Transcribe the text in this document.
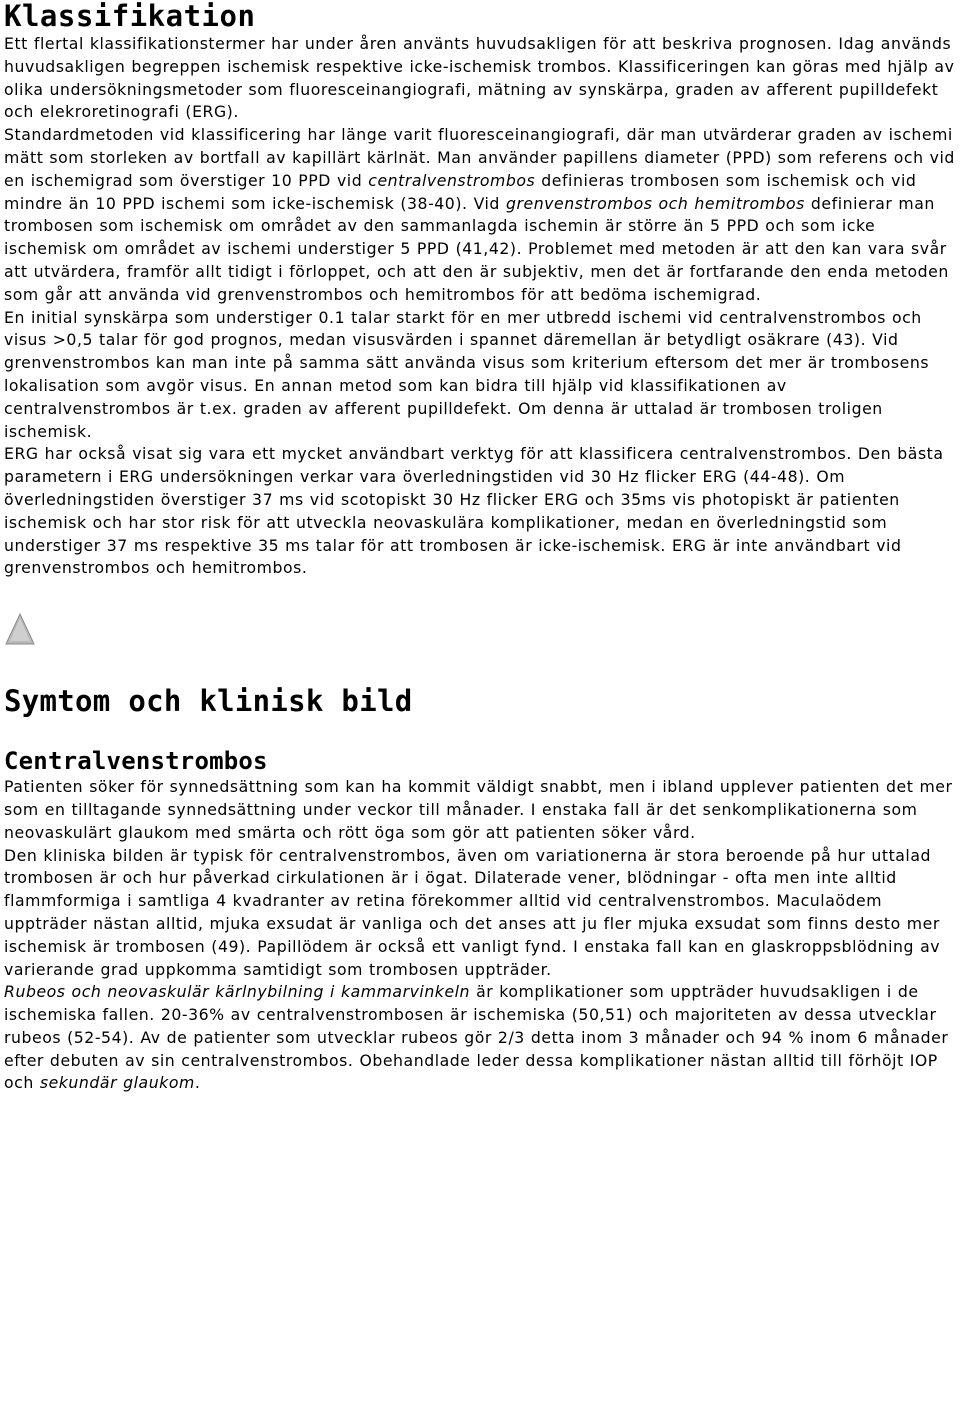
Klassifikation

Ett flertal klassifikationstermer har under åren använts huvudsakligen för att beskriva prognosen. Idag används huvudsakligen begreppen ischemisk respektive icke-ischemisk trombos. Klassificeringen kan göras med hjälp av olika undersökningsmetoder som fluoresceinangiografi, mätning av synskärpa, graden av afferent pupilldefekt och elekroretinografi (ERG).

Standardmetoden vid klassificering har länge varit fluoresceinangiografi, där man utvärderar graden av ischemi mätt som storleken av bortfall av kapillärt kärlnät. Man använder papillens diameter (PPD) som referens och vid en ischemigrad som överstiger 10 PPD vid centralvenstrombos definieras trombosen som ischemisk och vid mindre än 10 PPD ischemi som icke-ischemisk (38-40). Vid grenvenstrombos och hemitrombos definierar man trombosen som ischemisk om området av den sammanlagda ischemin är större än 5 PPD och som icke ischemisk om området av ischemi understiger 5 PPD (41,42). Problemet med metoden är att den kan vara svår att utvärdera, framför allt tidigt i förloppet, och att den är subjektiv, men det är fortfarande den enda metoden som går att använda vid grenvenstrombos och hemitrombos för att bedöma ischemigrad.

En initial synskärpa som understiger 0.1 talar starkt för en mer utbredd ischemi vid centralvenstrombos och visus >0,5 talar för god prognos, medan visusvärden i spannet däremellan är betydligt osäkrare (43). Vid grenvenstrombos kan man inte på samma sätt använda visus som kriterium eftersom det mer är trombosens lokalisation som avgör visus. En annan metod som kan bidra till hjälp vid klassifikationen av centralvenstrombos är t.ex. graden av afferent pupilldefekt. Om denna är uttalad är trombosen troligen ischemisk.

ERG har också visat sig vara ett mycket användbart verktyg för att klassificera centralvenstrombos. Den bästa parametern i ERG undersökningen verkar vara överledningstiden vid 30 Hz flicker ERG (44-48). Om överledningstiden överstiger 37 ms vid scotopiskt 30 Hz flicker ERG och 35ms vis photopiskt är patienten ischemisk och har stor risk för att utveckla neovaskulära komplikationer, medan en överledningstid som understiger 37 ms respektive 35 ms talar för att trombosen är icke-ischemisk. ERG är inte användbart vid grenvenstrombos och hemitrombos.

Symtom och klinisk bild
Centralvenstrombos

Patienten söker för synnedsättning som kan ha kommit väldigt snabbt, men i ibland upplever patienten det mer som en tilltagande synnedsättning under veckor till månader. I enstaka fall är det senkomplikationerna som neovaskulärt glaukom med smärta och rött öga som gör att patienten söker vård.

Den kliniska bilden är typisk för centralvenstrombos, även om variationerna är stora beroende på hur uttalad trombosen är och hur påverkad cirkulationen är i ögat. Dilaterade vener, blödningar - ofta men inte alltid flammformiga i samtliga 4 kvadranter av retina förekommer alltid vid centralvenstrombos. Maculaödem uppträder nästan alltid, mjuka exsudat är vanliga och det anses att ju fler mjuka exsudat som finns desto mer ischemisk är trombosen (49). Papillödem är också ett vanligt fynd. I enstaka fall kan en glaskroppsblödning av varierande grad uppkomma samtidigt som trombosen uppträder.

Rubeos och neovaskulär kärlnybilning i kammarvinkeln är komplikationer som uppträder huvudsakligen i de ischemiska fallen. 20-36% av centralvenstrombosen är ischemiska (50,51) och majoriteten av dessa utvecklar rubeos (52-54). Av de patienter som utvecklar rubeos gör 2/3 detta inom 3 månader och 94 % inom 6 månader efter debuten av sin centralvenstrombos. Obehandlade leder dessa komplikationer nästan alltid till förhöjt IOP och sekundär glaukom.
